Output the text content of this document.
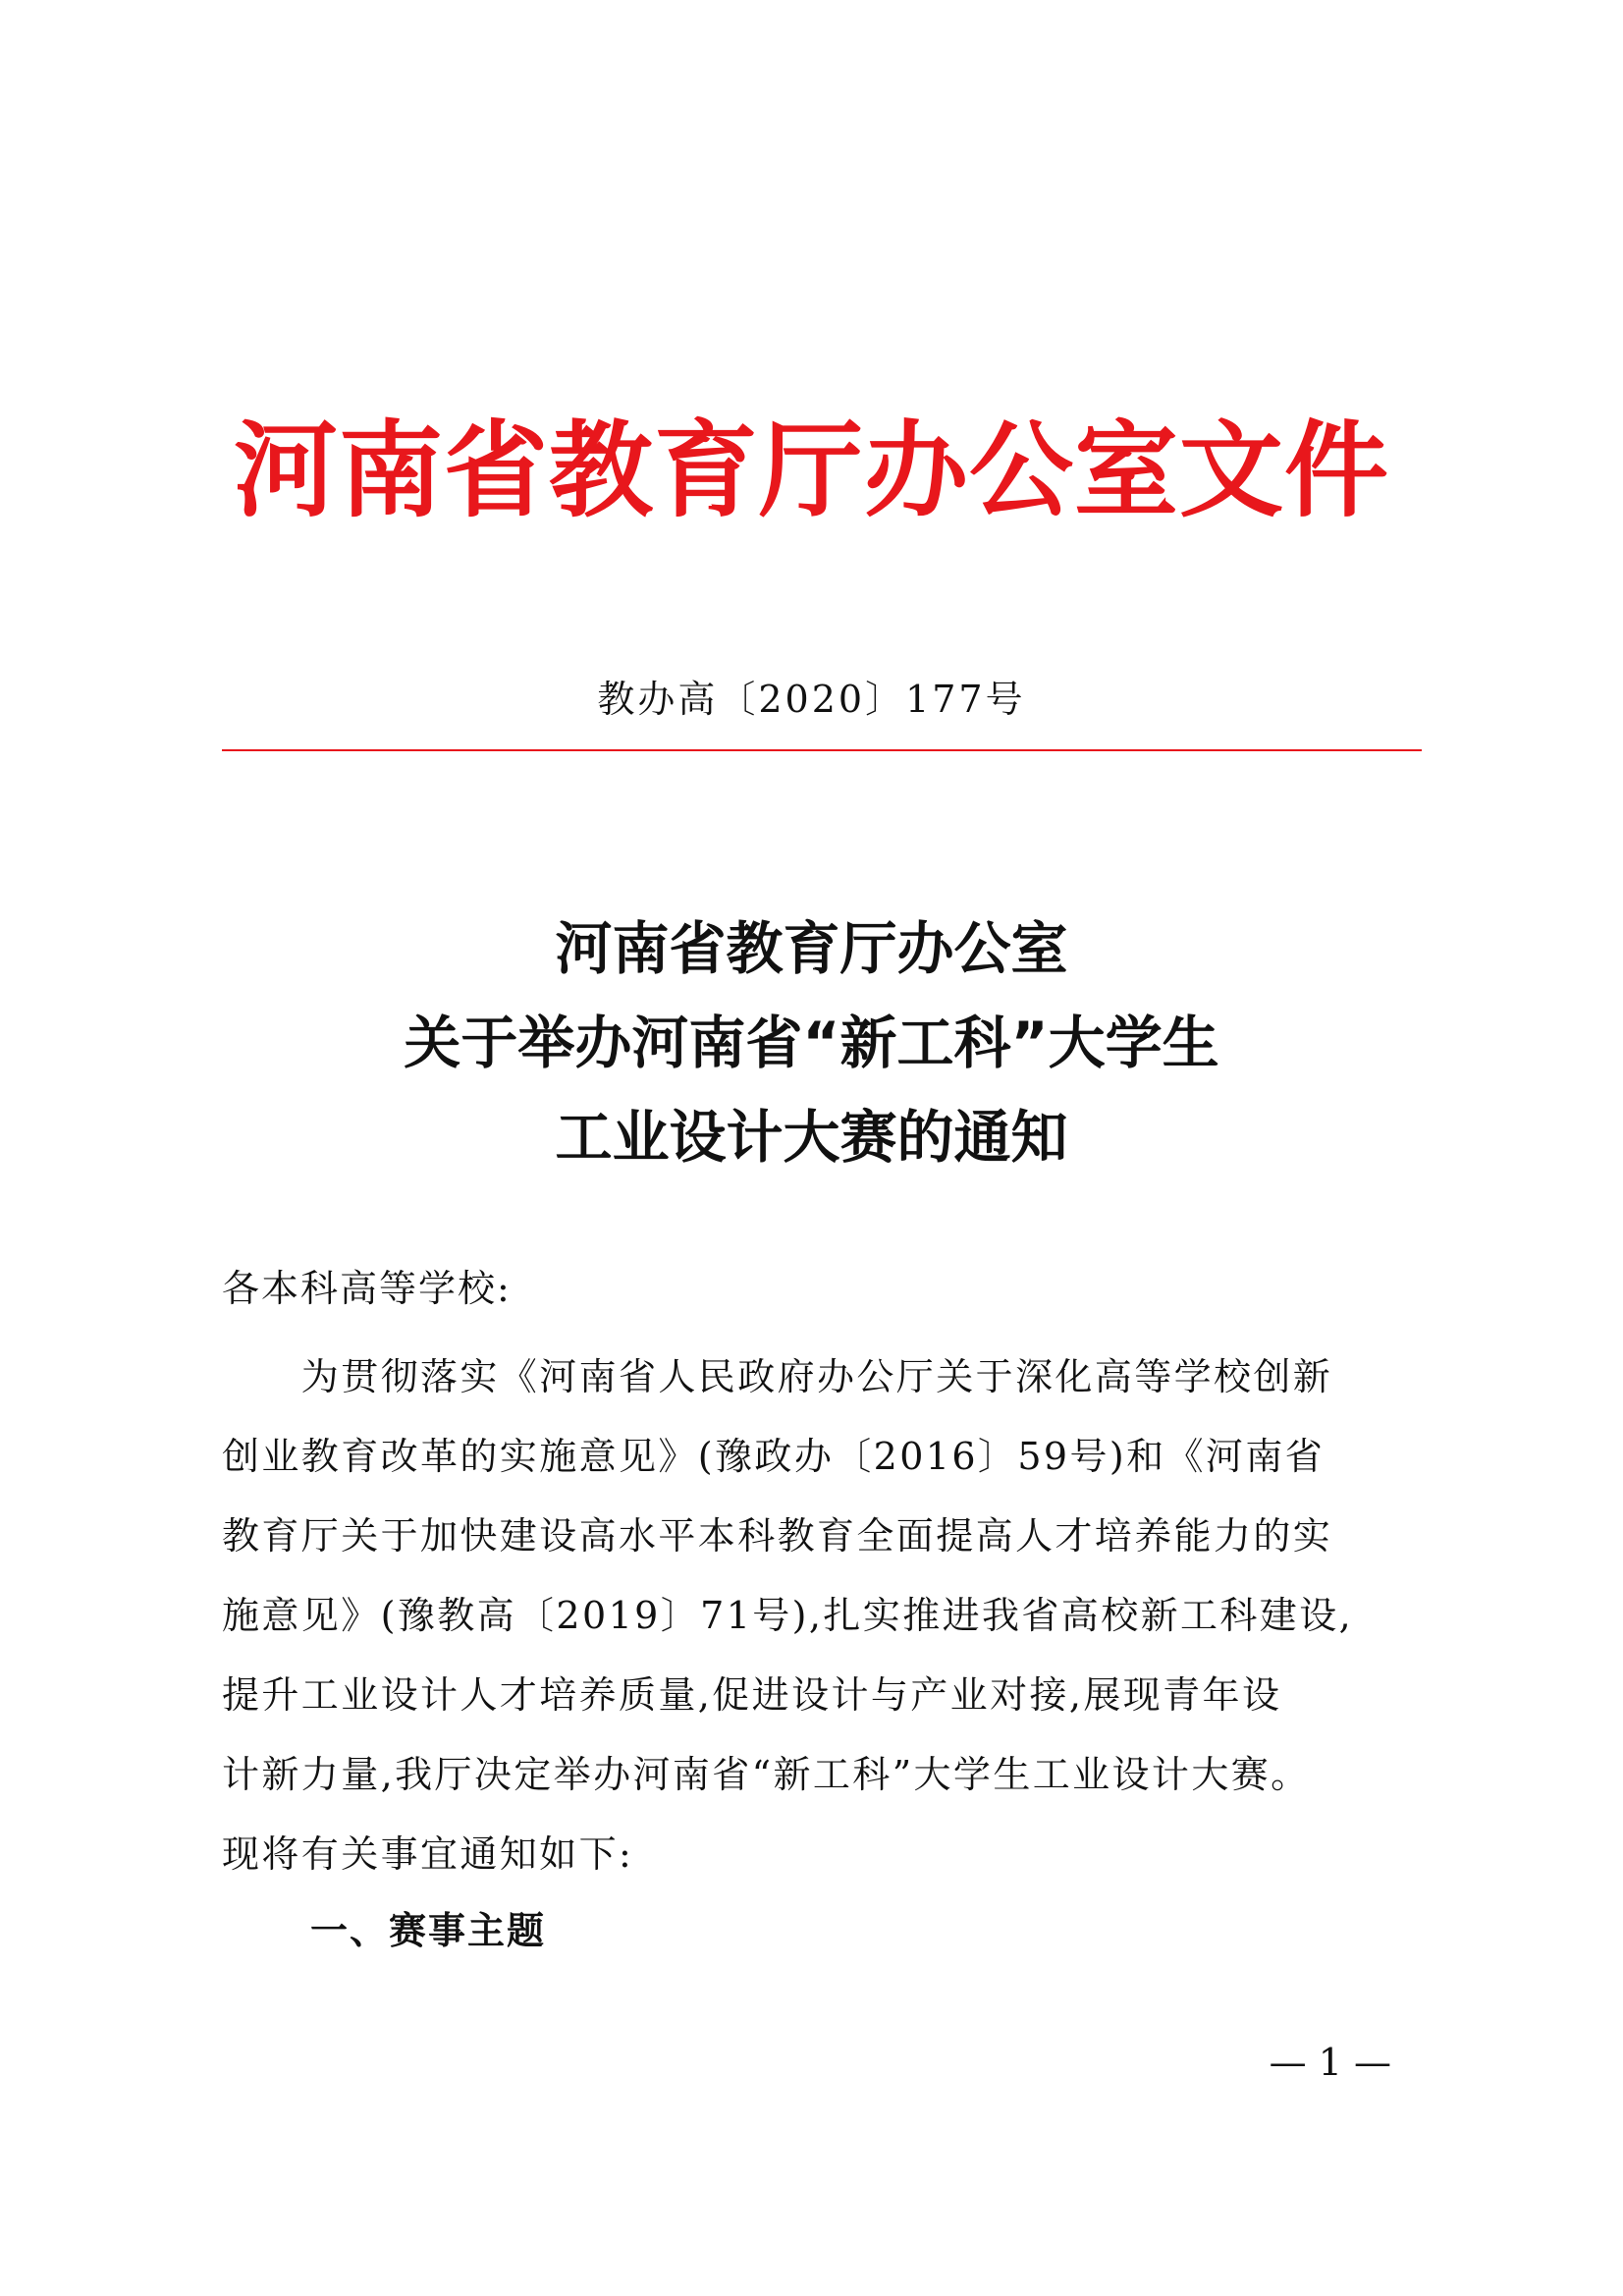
河南省教育厅办公室文件
教办高〔2020〕177号
河南省教育厅办公室
关于举办河南省“新工科”大学生
工业设计大赛的通知
各本科高等学校:
　　为贯彻落实《河南省人民政府办公厅关于深化高等学校创新
创业教育改革的实施意见》(豫政办〔2016〕59号)和《河南省
教育厅关于加快建设高水平本科教育全面提高人才培养能力的实
施意见》(豫教高〔2019〕71号),扎实推进我省高校新工科建设,
提升工业设计人才培养质量,促进设计与产业对接,展现青年设
计新力量,我厅决定举办河南省“新工科”大学生工业设计大赛。
现将有关事宜通知如下:
一、赛事主题
— 1 —
